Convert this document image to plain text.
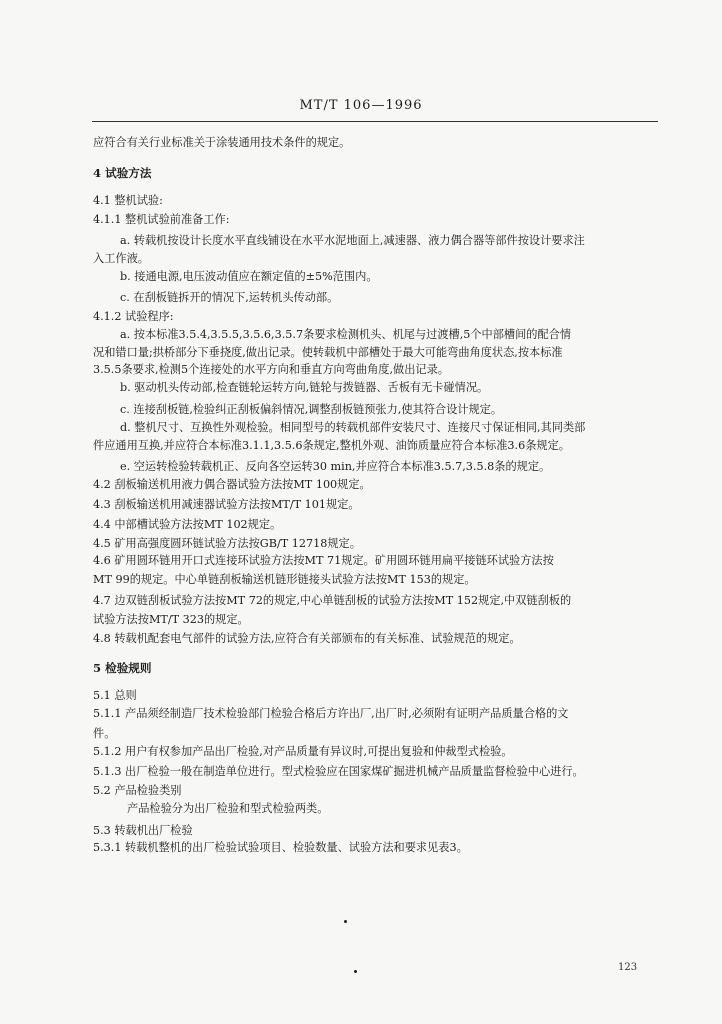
MT/T 106—1996
应符合有关行业标准关于涂装通用技术条件的规定。
4 试验方法
4.1 整机试验:
4.1.1 整机试验前准备工作:
a. 转载机按设计长度水平直线铺设在水平水泥地面上,减速器、液力偶合器等部件按设计要求注
入工作液。
b. 接通电源,电压波动值应在额定值的±5%范围内。
c. 在刮板链拆开的情况下,运转机头传动部。
4.1.2 试验程序:
a. 按本标准3.5.4,3.5.5,3.5.6,3.5.7条要求检测机头、机尾与过渡槽,5个中部槽间的配合情
况和错口量;拱桥部分下垂挠度,做出记录。使转载机中部槽处于最大可能弯曲角度状态,按本标准
3.5.5条要求,检测5个连接处的水平方向和垂直方向弯曲角度,做出记录。
b. 驱动机头传动部,检查链轮运转方向,链轮与拨链器、舌板有无卡碰情况。
c. 连接刮板链,检验纠正刮板偏斜情况,调整刮板链预张力,使其符合设计规定。
d. 整机尺寸、互换性外观检验。相同型号的转载机部件安装尺寸、连接尺寸保证相同,其同类部
件应通用互换,并应符合本标准3.1.1,3.5.6条规定,整机外观、油饰质量应符合本标准3.6条规定。
e. 空运转检验转载机正、反向各空运转30 min,并应符合本标准3.5.7,3.5.8条的规定。
4.2 刮板输送机用液力偶合器试验方法按MT 100规定。
4.3 刮板输送机用减速器试验方法按MT/T 101规定。
4.4 中部槽试验方法按MT 102规定。
4.5 矿用高强度圆环链试验方法按GB/T 12718规定。
4.6 矿用圆环链用开口式连接环试验方法按MT 71规定。矿用圆环链用扁平接链环试验方法按
MT 99的规定。中心单链刮板输送机链形链接头试验方法按MT 153的规定。
4.7 边双链刮板试验方法按MT 72的规定,中心单链刮板的试验方法按MT 152规定,中双链刮板的
试验方法按MT/T 323的规定。
4.8 转载机配套电气部件的试验方法,应符合有关部颁布的有关标准、试验规范的规定。
5 检验规则
5.1 总则
5.1.1 产品须经制造厂技术检验部门检验合格后方许出厂,出厂时,必须附有证明产品质量合格的文
件。
5.1.2 用户有权参加产品出厂检验,对产品质量有异议时,可提出复验和仲裁型式检验。
5.1.3 出厂检验一般在制造单位进行。型式检验应在国家煤矿掘进机械产品质量监督检验中心进行。
5.2 产品检验类别
产品检验分为出厂检验和型式检验两类。
5.3 转载机出厂检验
5.3.1 转载机整机的出厂检验试验项目、检验数量、试验方法和要求见表3。
123
